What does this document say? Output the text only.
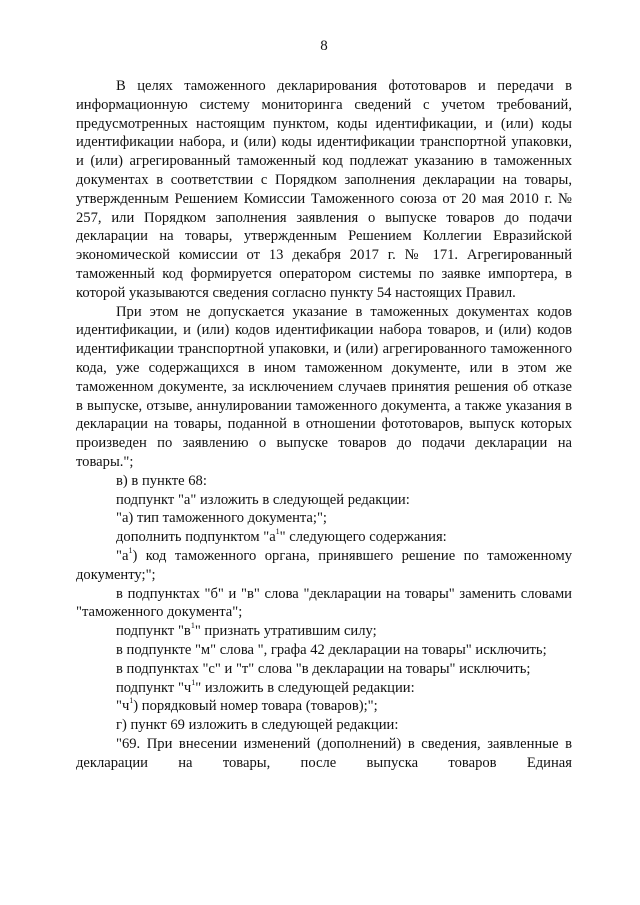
8

В целях таможенного декларирования фототоваров и передачи в информационную систему мониторинга сведений с учетом требований, предусмотренных настоящим пунктом, коды идентификации, и (или) коды идентификации набора, и (или) коды идентификации транспортной упаковки, и (или) агрегированный таможенный код подлежат указанию в таможенных документах в соответствии с Порядком заполнения декларации на товары, утвержденным Решением Комиссии Таможенного союза от 20 мая 2010 г. № 257, или Порядком заполнения заявления о выпуске товаров до подачи декларации на товары, утвержденным Решением Коллегии Евразийской экономической комиссии от 13 декабря 2017 г. № 171. Агрегированный таможенный код формируется оператором системы по заявке импортера, в которой указываются сведения согласно пункту 54 настоящих Правил.

При этом не допускается указание в таможенных документах кодов идентификации, и (или) кодов идентификации набора товаров, и (или) кодов идентификации транспортной упаковки, и (или) агрегированного таможенного кода, уже содержащихся в ином таможенном документе, или в этом же таможенном документе, за исключением случаев принятия решения об отказе в выпуске, отзыве, аннулировании таможенного документа, а также указания в декларации на товары, поданной в отношении фототоваров, выпуск которых произведен по заявлению о выпуске товаров до подачи декларации на товары.";

в) в пункте 68:

подпункт "а" изложить в следующей редакции:

"а) тип таможенного документа;";

дополнить подпунктом "$а^1$" следующего содержания:

"$а^1$) код таможенного органа, принявшего решение по таможенному документу;";

в подпунктах "б" и "в" слова "декларации на товары" заменить словами "таможенного документа";

подпункт "$в^1$" признать утратившим силу;

в подпункте "м" слова ", графа 42 декларации на товары" исключить;

в подпунктах "с" и "т" слова "в декларации на товары" исключить;

подпункт "$ч^1$" изложить в следующей редакции:

"$ч^1$) порядковый номер товара (товаров);";

г) пункт 69 изложить в следующей редакции:

"69. При внесении изменений (дополнений) в сведения, заявленные в декларации на товары, после выпуска товаров Единая
